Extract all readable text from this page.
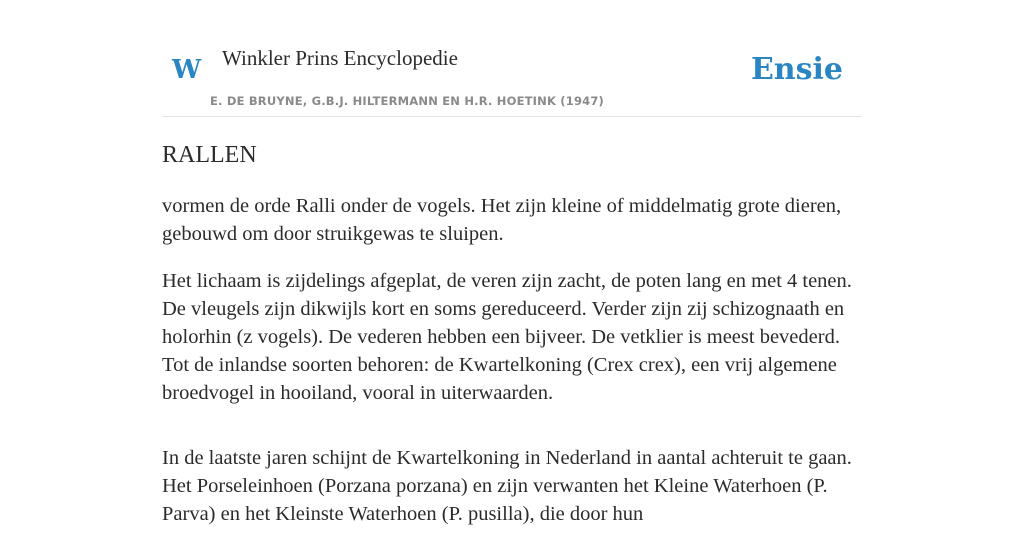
W Winkler Prins Encyclopedie
E. DE BRUYNE, G.B.J. HILTERMANN EN H.R. HOETINK (1947)
Ensie
RALLEN

vormen de orde Ralli onder de vogels. Het zijn kleine of middelmatig grote dieren, gebouwd om door struikgewas te sluipen.

Het lichaam is zijdelings afgeplat, de veren zijn zacht, de poten lang en met 4 tenen. De vleugels zijn dikwijls kort en soms gereduceerd. Verder zijn zij schizognaath en holorhin (z vogels). De vederen hebben een bijveer. De vetklier is meest bevederd. Tot de inlandse soorten behoren: de Kwartelkoning (Crex crex), een vrij algemene broedvogel in hooiland, vooral in uiterwaarden.

In de laatste jaren schijnt de Kwartelkoning in Nederland in aantal achteruit te gaan. Het Porseleinhoen (Porzana porzana) en zijn verwanten het Kleine Waterhoen (P. Parva) en het Kleinste Waterhoen (P. pusilla), die door hun
